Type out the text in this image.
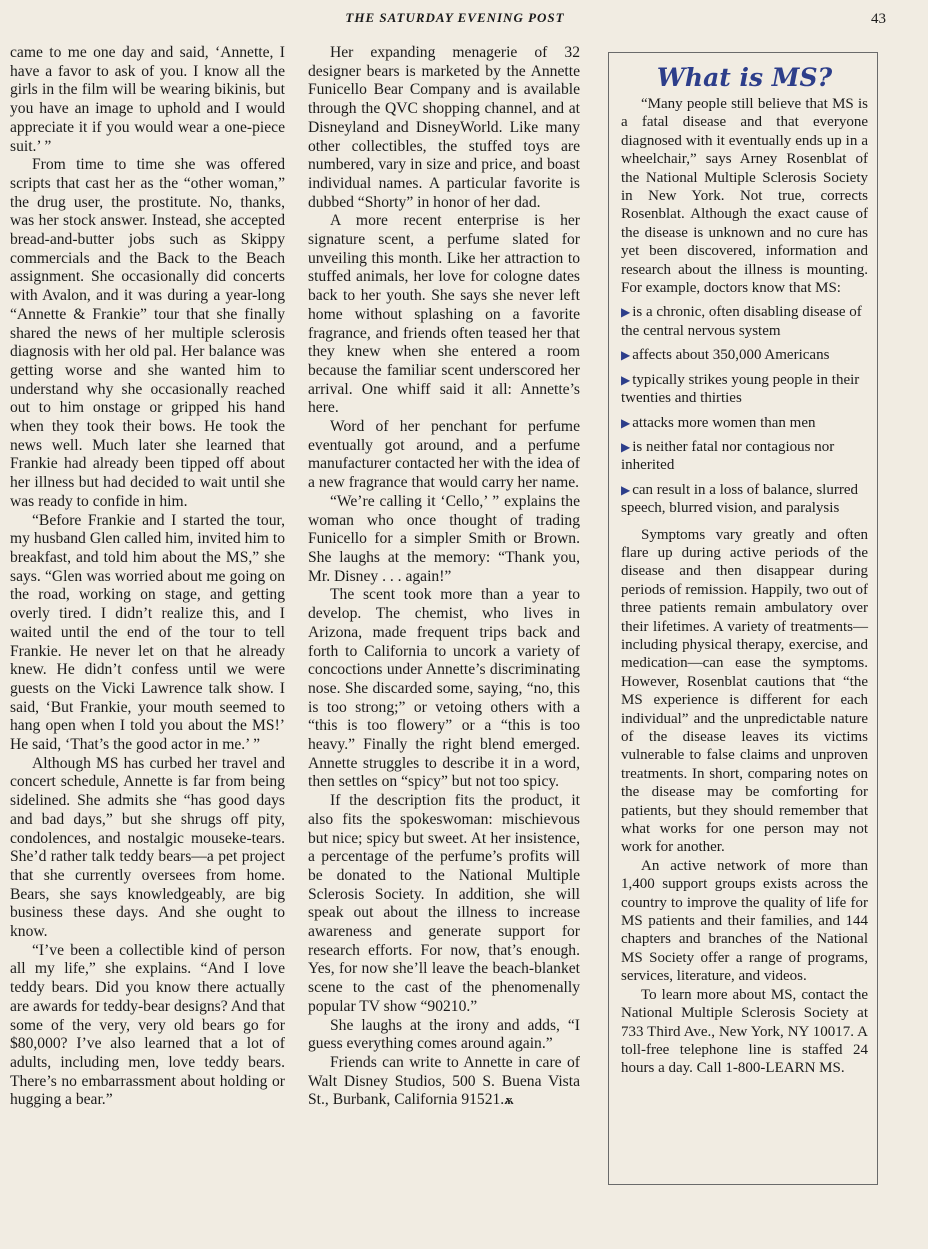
THE SATURDAY EVENING POST	43

came to me one day and said, ‘Annette, I have a favor to ask of you. I know all the girls in the film will be wearing bikinis, but you have an image to uphold and I would appreciate it if you would wear a one-piece suit.’ ”

From time to time she was offered scripts that cast her as the “other woman,” the drug user, the prostitute. No, thanks, was her stock answer. Instead, she accepted bread-and-butter jobs such as Skippy commercials and the Back to the Beach assignment. She occasionally did concerts with Avalon, and it was during a year-long “Annette & Frankie” tour that she finally shared the news of her multiple sclerosis diagnosis with her old pal. Her balance was getting worse and she wanted him to understand why she occasionally reached out to him onstage or gripped his hand when they took their bows. He took the news well. Much later she learned that Frankie had already been tipped off about her illness but had decided to wait until she was ready to confide in him.

“Before Frankie and I started the tour, my husband Glen called him, invited him to breakfast, and told him about the MS,” she says. “Glen was worried about me going on the road, working on stage, and getting overly tired. I didn’t realize this, and I waited until the end of the tour to tell Frankie. He never let on that he already knew. He didn’t confess until we were guests on the Vicki Lawrence talk show. I said, ‘But Frankie, your mouth seemed to hang open when I told you about the MS!’ He said, ‘That’s the good actor in me.’ ”

Although MS has curbed her travel and concert schedule, Annette is far from being sidelined. She admits she “has good days and bad days,” but she shrugs off pity, condolences, and nostalgic mouseke-tears. She’d rather talk teddy bears—a pet project that she currently oversees from home. Bears, she says knowledgeably, are big business these days. And she ought to know.

“I’ve been a collectible kind of person all my life,” she explains. “And I love teddy bears. Did you know there actually are awards for teddy-bear designs? And that some of the very, very old bears go for $80,000? I’ve also learned that a lot of adults, including men, love teddy bears. There’s no embarrassment about holding or hugging a bear.”

Her expanding menagerie of 32 designer bears is marketed by the Annette Funicello Bear Company and is available through the QVC shopping channel, and at Disneyland and DisneyWorld. Like many other collectibles, the stuffed toys are numbered, vary in size and price, and boast individual names. A particular favorite is dubbed “Shorty” in honor of her dad.

A more recent enterprise is her signature scent, a perfume slated for unveiling this month. Like her attraction to stuffed animals, her love for cologne dates back to her youth. She says she never left home without splashing on a favorite fragrance, and friends often teased her that they knew when she entered a room because the familiar scent underscored her arrival. One whiff said it all: Annette’s here.

Word of her penchant for perfume eventually got around, and a perfume manufacturer contacted her with the idea of a new fragrance that would carry her name.

“We’re calling it ‘Cello,’ ” explains the woman who once thought of trading Funicello for a simpler Smith or Brown. She laughs at the memory: “Thank you, Mr. Disney . . . again!”

The scent took more than a year to develop. The chemist, who lives in Arizona, made frequent trips back and forth to California to uncork a variety of concoctions under Annette’s discriminating nose. She discarded some, saying, “no, this is too strong;” or vetoing others with a “this is too flowery” or a “this is too heavy.” Finally the right blend emerged. Annette struggles to describe it in a word, then settles on “spicy” but not too spicy.

If the description fits the product, it also fits the spokeswoman: mischievous but nice; spicy but sweet. At her insistence, a percentage of the perfume’s profits will be donated to the National Multiple Sclerosis Society. In addition, she will speak out about the illness to increase awareness and generate support for research efforts. For now, that’s enough. Yes, for now she’ll leave the beach-blanket scene to the cast of the phenomenally popular TV show “90210.”

She laughs at the irony and adds, “I guess everything comes around again.”

Friends can write to Annette in care of Walt Disney Studios, 500 S. Buena Vista St., Burbank, California 91521.ѫ

What is MS?

“Many people still believe that MS is a fatal disease and that everyone diagnosed with it eventually ends up in a wheelchair,” says Arney Rosenblat of the National Multiple Sclerosis Society in New York. Not true, corrects Rosenblat. Although the exact cause of the disease is unknown and no cure has yet been discovered, information and research about the illness is mounting. For example, doctors know that MS:

▶ is a chronic, often disabling disease of the central nervous system
▶ affects about 350,000 Americans
▶ typically strikes young people in their twenties and thirties
▶ attacks more women than men
▶ is neither fatal nor contagious nor inherited
▶ can result in a loss of balance, slurred speech, blurred vision, and paralysis

Symptoms vary greatly and often flare up during active periods of the disease and then disappear during periods of remission. Happily, two out of three patients remain ambulatory over their lifetimes. A variety of treatments—including physical therapy, exercise, and medication—can ease the symptoms. However, Rosenblat cautions that “the MS experience is different for each individual” and the unpredictable nature of the disease leaves its victims vulnerable to false claims and unproven treatments. In short, comparing notes on the disease may be comforting for patients, but they should remember that what works for one person may not work for another.

An active network of more than 1,400 support groups exists across the country to improve the quality of life for MS patients and their families, and 144 chapters and branches of the National MS Society offer a range of programs, services, literature, and videos.

To learn more about MS, contact the National Multiple Sclerosis Society at 733 Third Ave., New York, NY 10017. A toll-free telephone line is staffed 24 hours a day. Call 1-800-LEARN MS.
